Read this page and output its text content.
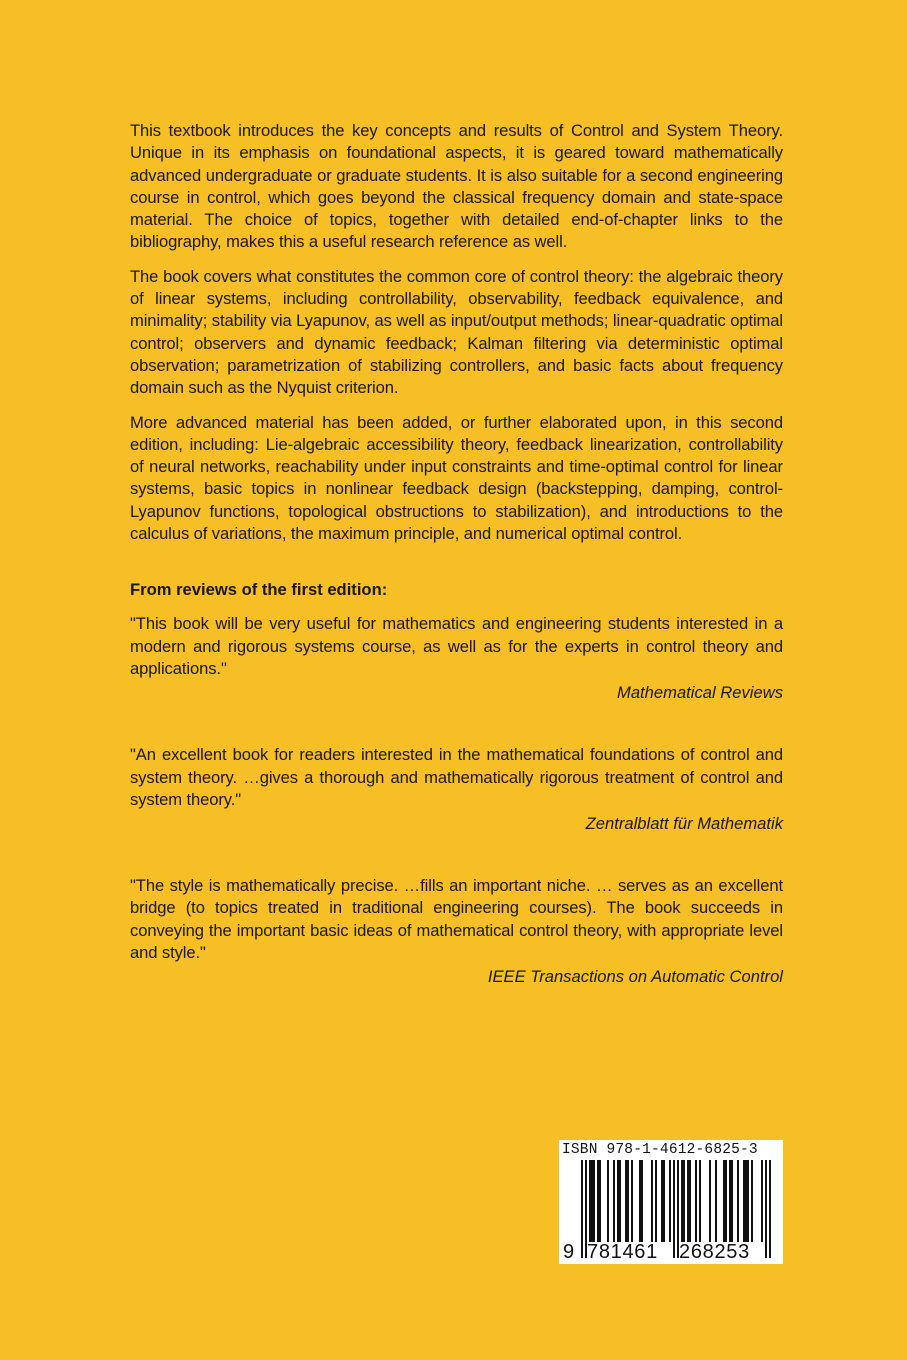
This textbook introduces the key concepts and results of Control and System Theory. Unique in its emphasis on foundational aspects, it is geared toward mathematically advanced undergraduate or graduate students. It is also suitable for a second engineering course in control, which goes beyond the classical frequency domain and state-space material. The choice of topics, together with detailed end-of-chapter links to the bibliography, makes this a useful research reference as well.

The book covers what constitutes the common core of control theory: the algebraic theory of linear systems, including controllability, observability, feedback equivalence, and minimality; stability via Lyapunov, as well as input/output methods; linear-quadratic optimal control; observers and dynamic feedback; Kalman filtering via deterministic optimal observation; parametrization of stabilizing controllers, and basic facts about frequency domain such as the Nyquist criterion.

More advanced material has been added, or further elaborated upon, in this second edition, including: Lie-algebraic accessibility theory, feedback linearization, controllability of neural networks, reachability under input constraints and time-optimal control for linear systems, basic topics in nonlinear feedback design (backstepping, damping, control-Lyapunov functions, topological obstructions to stabilization), and introductions to the calculus of variations, the maximum principle, and numerical optimal control.

From reviews of the first edition:

"This book will be very useful for mathematics and engineering students interested in a modern and rigorous systems course, as well as for the experts in control theory and applications."

Mathematical Reviews

"An excellent book for readers interested in the mathematical foundations of control and system theory. …gives a thorough and mathematically rigorous treatment of control and system theory."

Zentralblatt für Mathematik

"The style is mathematically precise. …fills an important niche. … serves as an excellent bridge (to topics treated in traditional engineering courses). The book succeeds in conveying the important basic ideas of mathematical control theory, with appropriate level and style."

IEEE Transactions on Automatic Control

ISBN 978-1-4612-6825-3
9 781461 268253
